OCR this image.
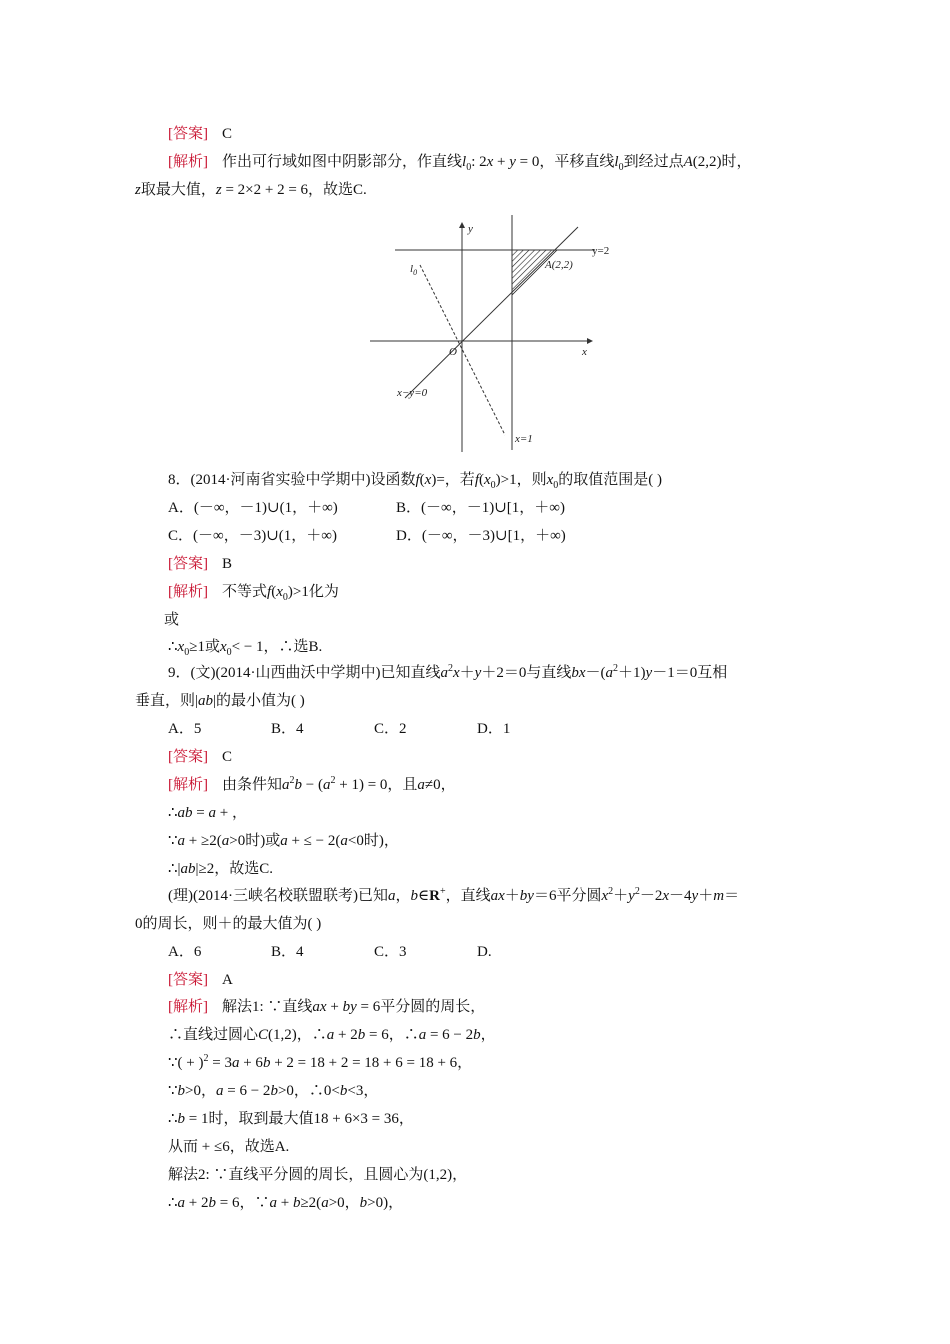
[答案] C
[解析] 作出可行域如图中阴影部分，作直线$l_0$: 2x + y = 0，平移直线$l_0$到经过点A(2,2)时，
z取最大值，z = 2×2 + 2 = 6，故选C.
y
x
O
y=2
A(2,2)
$l_0$
x−y=0
x=1
8．(2014·河南省实验中学期中)设函数f(x)=，若$f(x_0)>1$，则$x_0$的取值范围是( )
A．(－∞，－1)∪(1，＋∞)	B．(－∞，－1)∪[1，＋∞)
C．(－∞，－3)∪(1，＋∞)	D．(－∞，－3)∪[1，＋∞)
[答案] B
[解析] 不等式$f(x_0)>1$化为
或
$\therefore x_0\ge 1$或$x_0< - 1$，∴选B.
9．(文)(2014·山西曲沃中学期中)已知直线$a^2x+y+2=0$与直线$bx-(a^2+1)y-1=0$互相
垂直，则|ab|的最小值为( )
A．5	B．4	C．2	D．1
[答案] C
[解析] 由条件知$a^2b - (a^2 + 1) = 0$，且a≠0，
∴ab = a + ，
∵a + ≥2(a>0时)或a + ≤ − 2(a<0时)，
∴|ab|≥2，故选C.
(理)(2014·三峡名校联盟联考)已知a，b∈R+，直线ax＋by＝6平分圆$x^2+y^2-2x-4y+m=$
0的周长，则＋的最大值为( )
A．6	B．4	C．3	D.
[答案] A
[解析] 解法1: ∵直线ax + by = 6平分圆的周长，
∴直线过圆心C(1,2)，∴a + 2b = 6，∴a = 6 − 2b，
∵( + )$^2$ = 3a + 6b + 2 = 18 + 2 = 18 + 6 = 18 + 6，
∵b>0，a = 6 − 2b>0，∴0<b<3，
∴b = 1时，取到最大值18 + 6×3 = 36，
从而 + ≤6，故选A.
解法2: ∵直线平分圆的周长，且圆心为(1,2)，
∴a + 2b = 6，∵a + b≥2(a>0，b>0)，
